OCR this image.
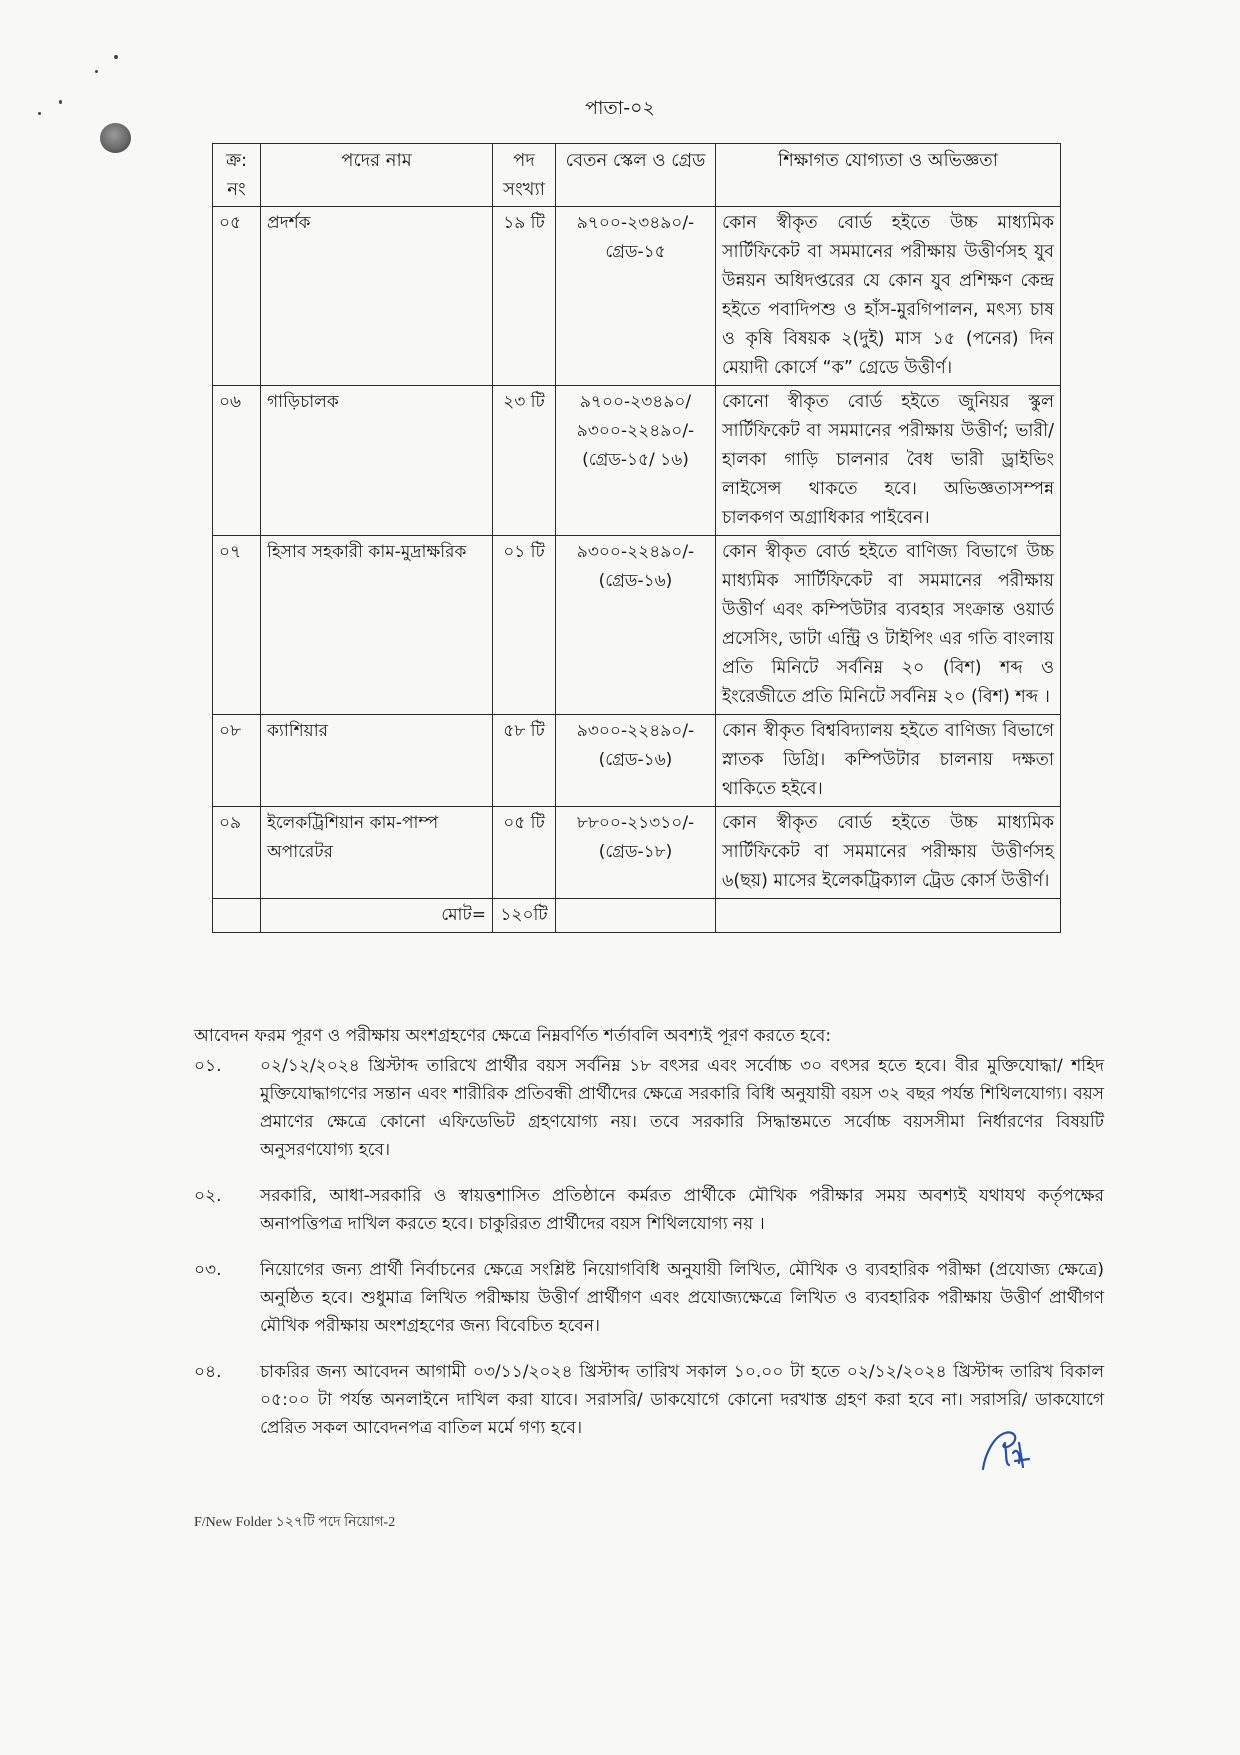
পাতা-০২
ক্র: নং	পদের নাম	পদ সংখ্যা	বেতন স্কেল ও গ্রেড	শিক্ষাগত যোগ্যতা ও অভিজ্ঞতা
০৫	প্রদর্শক	১৯ টি	৯৭০০-২৩৪৯০/- গ্রেড-১৫	কোন স্বীকৃত বোর্ড হইতে উচ্চ মাধ্যমিক সার্টিফিকেট বা সমমানের পরীক্ষায় উত্তীর্ণসহ যুব উন্নয়ন অধিদপ্তরের যে কোন যুব প্রশিক্ষণ কেন্দ্র হইতে পবাদিপশু ও হাঁস-মুরগিপালন, মৎস্য চাষ ও কৃষি বিষয়ক ২(দুই) মাস ১৫ (পনের) দিন মেয়াদী কোর্সে “ক” গ্রেডে উত্তীর্ণ।
০৬	গাড়িচালক	২৩ টি	৯৭০০-২৩৪৯০/ ৯৩০০-২২৪৯০/- (গ্রেড-১৫/ ১৬)	কোনো স্বীকৃত বোর্ড হইতে জুনিয়র স্কুল সার্টিফিকেট বা সমমানের পরীক্ষায় উত্তীর্ণ; ভারী/ হালকা গাড়ি চালনার বৈধ ভারী ড্রাইভিং লাইসেন্স থাকতে হবে। অভিজ্ঞতাসম্পন্ন চালকগণ অগ্রাধিকার পাইবেন।
০৭	হিসাব সহকারী কাম-মুদ্রাক্ষরিক	০১ টি	৯৩০০-২২৪৯০/- (গ্রেড-১৬)	কোন স্বীকৃত বোর্ড হইতে বাণিজ্য বিভাগে উচ্চ মাধ্যমিক সার্টিফিকেট বা সমমানের পরীক্ষায় উত্তীর্ণ এবং কম্পিউটার ব্যবহার সংক্রান্ত ওয়ার্ড প্রসেসিং, ডাটা এন্ট্রি ও টাইপিং এর গতি বাংলায় প্রতি মিনিটে সর্বনিম্ন ২০ (বিশ) শব্দ ও ইংরেজীতে প্রতি মিনিটে সর্বনিম্ন ২০ (বিশ) শব্দ ।
০৮	ক্যাশিয়ার	৫৮ টি	৯৩০০-২২৪৯০/- (গ্রেড-১৬)	কোন স্বীকৃত বিশ্ববিদ্যালয় হইতে বাণিজ্য বিভাগে স্নাতক ডিগ্রি। কম্পিউটার চালনায় দক্ষতা থাকিতে হইবে।
০৯	ইলেকট্রিশিয়ান কাম-পাম্প অপারেটর	০৫ টি	৮৮০০-২১৩১০/- (গ্রেড-১৮)	কোন স্বীকৃত বোর্ড হইতে উচ্চ মাধ্যমিক সার্টিফিকেট বা সমমানের পরীক্ষায় উত্তীর্ণসহ ৬(ছয়) মাসের ইলেকট্রিক্যাল ট্রেড কোর্স উত্তীর্ণ।
	মোট=	১২০টি		

আবেদন ফরম পূরণ ও পরীক্ষায় অংশগ্রহণের ক্ষেত্রে নিম্নবর্ণিত শর্তাবলি অবশ্যই পূরণ করতে হবে:

০১.	০২/১২/২০২৪ খ্রিস্টাব্দ তারিখে প্রার্থীর বয়স সর্বনিম্ন ১৮ বৎসর এবং সর্বোচ্চ ৩০ বৎসর হতে হবে। বীর মুক্তিযোদ্ধা/ শহিদ মুক্তিযোদ্ধাগণের সন্তান এবং শারীরিক প্রতিবন্ধী প্রার্থীদের ক্ষেত্রে সরকারি বিধি অনুযায়ী বয়স ৩২ বছর পর্যন্ত শিথিলযোগ্য। বয়স প্রমাণের ক্ষেত্রে কোনো এফিডেভিট গ্রহণযোগ্য নয়। তবে সরকারি সিদ্ধান্তমতে সর্বোচ্চ বয়সসীমা নির্ধারণের বিষয়টি অনুসরণযোগ্য হবে।
০২.	সরকারি, আধা-সরকারি ও স্বায়ত্তশাসিত প্রতিষ্ঠানে কর্মরত প্রার্থীকে মৌখিক পরীক্ষার সময় অবশ্যই যথাযথ কর্তৃপক্ষের অনাপত্তিপত্র দাখিল করতে হবে। চাকুরিরত প্রার্থীদের বয়স শিথিলযোগ্য নয় ।
০৩.	নিয়োগের জন্য প্রার্থী নির্বাচনের ক্ষেত্রে সংশ্লিষ্ট নিয়োগবিধি অনুযায়ী লিখিত, মৌখিক ও ব্যবহারিক পরীক্ষা (প্রযোজ্য ক্ষেত্রে) অনুষ্ঠিত হবে। শুধুমাত্র লিখিত পরীক্ষায় উত্তীর্ণ প্রার্থীগণ এবং প্রযোজ্যক্ষেত্রে লিখিত ও ব্যবহারিক পরীক্ষায় উত্তীর্ণ প্রার্থীগণ মৌখিক পরীক্ষায় অংশগ্রহণের জন্য বিবেচিত হবেন।
০৪.	চাকরির জন্য আবেদন আগামী ০৩/১১/২০২৪ খ্রিস্টাব্দ তারিখ সকাল ১০.০০ টা হতে ০২/১২/২০২৪ খ্রিস্টাব্দ তারিখ বিকাল ০৫:০০ টা পর্যন্ত অনলাইনে দাখিল করা যাবে। সরাসরি/ ডাকযোগে কোনো দরখাস্ত গ্রহণ করা হবে না। সরাসরি/ ডাকযোগে প্রেরিত সকল আবেদনপত্র বাতিল মর্মে গণ্য হবে।
F/New Folder ১২৭টি পদে নিয়োগ-2
